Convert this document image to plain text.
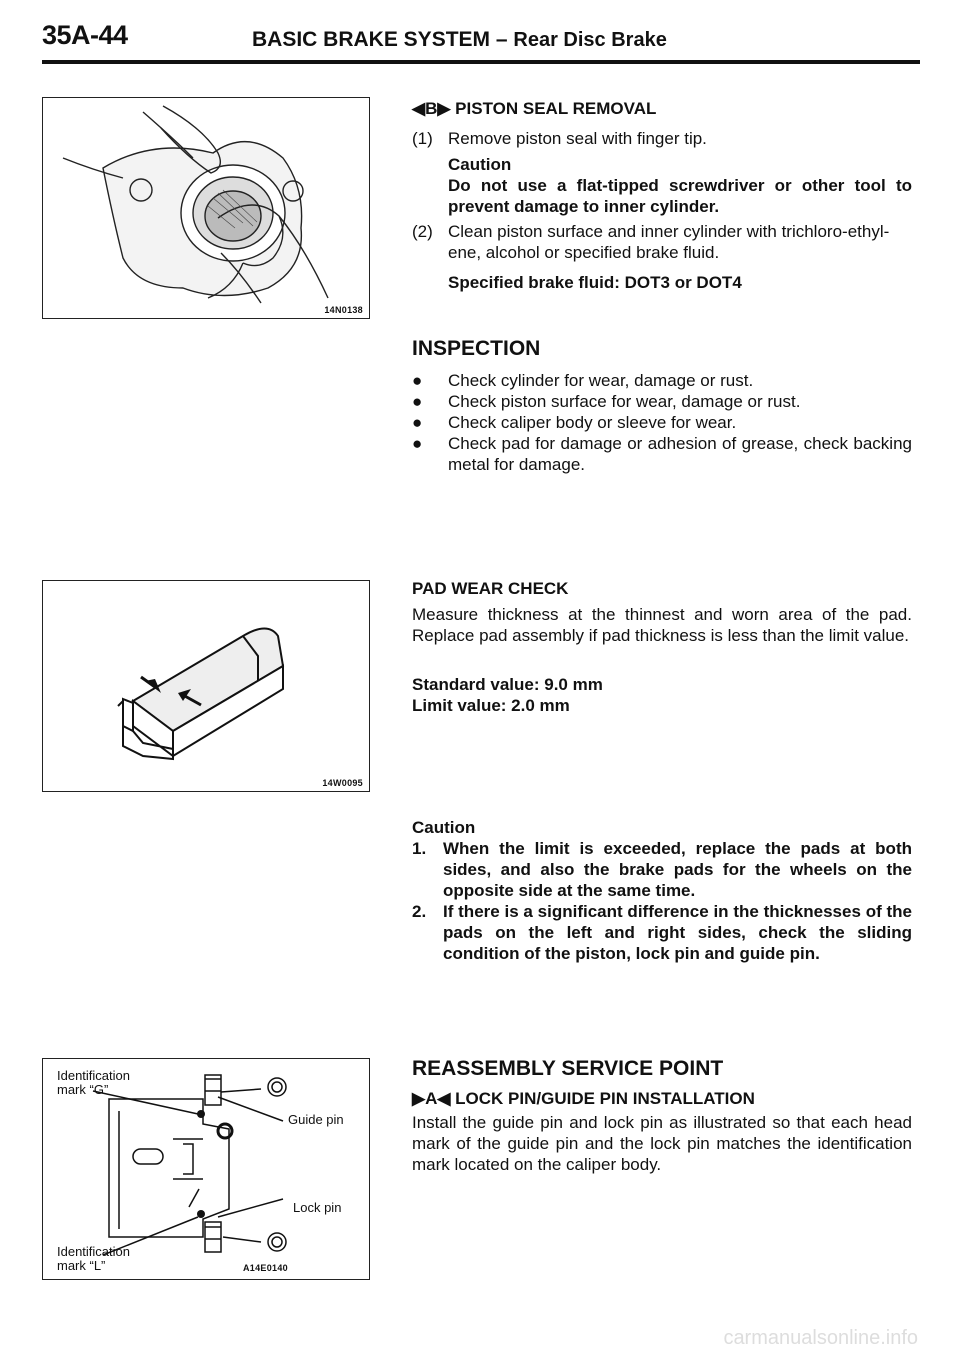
35A-44	BASIC BRAKE SYSTEM – Rear Disc Brake
14N0138
14W0095
Identification
mark “G”
Guide pin
Lock pin
Identification
mark “L”	A14E0140
◀B▶ PISTON SEAL REMOVAL
(1) Remove piston seal with finger tip.
Caution
Do not use a flat-tipped screwdriver or other tool to prevent damage to inner cylinder.
(2) Clean piston surface and inner cylinder with trichloro-ethyl-ene, alcohol or specified brake fluid.
Specified brake fluid: DOT3 or DOT4
INSPECTION
●	Check cylinder for wear, damage or rust.
●	Check piston surface for wear, damage or rust.
●	Check caliper body or sleeve for wear.
●	Check pad for damage or adhesion of grease, check backing metal for damage.
PAD WEAR CHECK
Measure thickness at the thinnest and worn area of the pad. Replace pad assembly if pad thickness is less than the limit value.
Standard value: 9.0 mm
Limit value: 2.0 mm
Caution
1. When the limit is exceeded, replace the pads at both sides, and also the brake pads for the wheels on the opposite side at the same time.
2. If there is a significant difference in the thicknesses of the pads on the left and right sides, check the sliding condition of the piston, lock pin and guide pin.
REASSEMBLY SERVICE POINT
▶A◀ LOCK PIN/GUIDE PIN INSTALLATION
Install the guide pin and lock pin as illustrated so that each head mark of the guide pin and the lock pin matches the identification mark located on the caliper body.
carmanualsonline.info
